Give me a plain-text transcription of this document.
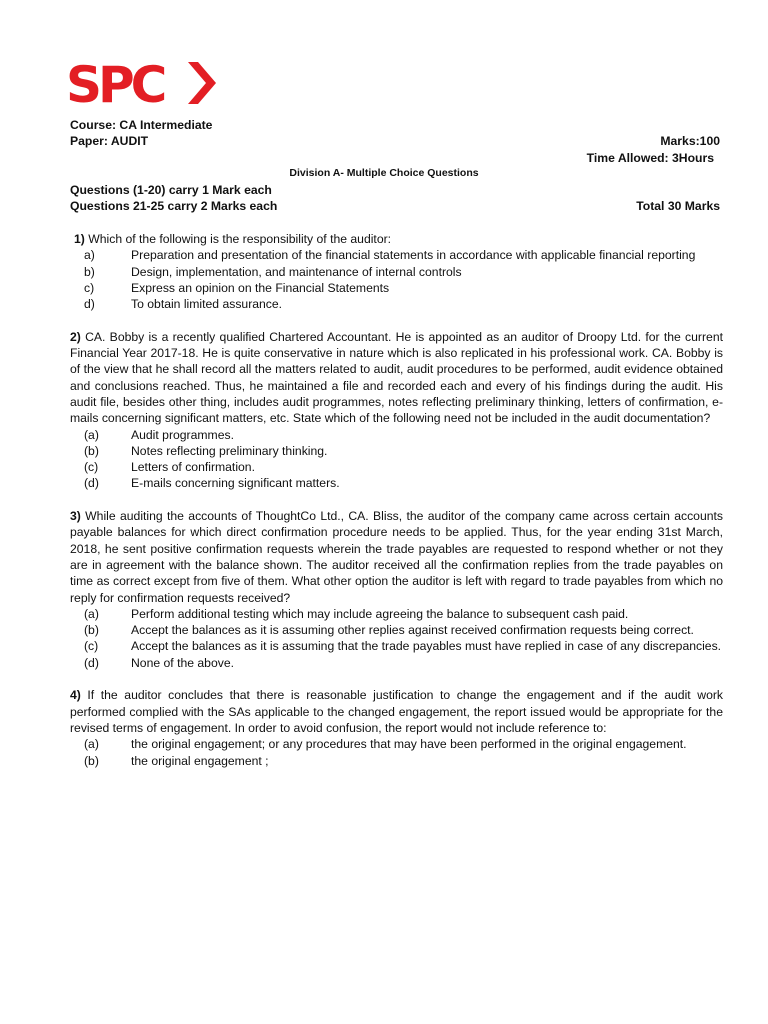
SPC
Course: CA Intermediate
Paper: AUDIT	Marks:100
Time Allowed: 3Hours
Division A- Multiple Choice Questions
Questions (1-20) carry 1 Mark each
Questions 21-25 carry 2 Marks each	Total 30 Marks
1) Which of the following is the responsibility of the auditor:
a)	Preparation and presentation of the financial statements in accordance with applicable financial reporting
b)	Design, implementation, and maintenance of internal controls
c)	Express an opinion on the Financial Statements
d)	To obtain limited assurance.
2) CA. Bobby is a recently qualified Chartered Accountant. He is appointed as an auditor of Droopy Ltd. for the current Financial Year 2017-18. He is quite conservative in nature which is also replicated in his professional work. CA. Bobby is of the view that he shall record all the matters related to audit, audit procedures to be performed, audit evidence obtained and conclusions reached. Thus, he maintained a file and recorded each and every of his findings during the audit. His audit file, besides other thing, includes audit programmes, notes reflecting preliminary thinking, letters of confirmation, e-mails concerning significant matters, etc. State which of the following need not be included in the audit documentation?
(a)	Audit programmes.
(b)	Notes reflecting preliminary thinking.
(c)	Letters of confirmation.
(d)	E-mails concerning significant matters.
3) While auditing the accounts of ThoughtCo Ltd., CA. Bliss, the auditor of the company came across certain accounts payable balances for which direct confirmation procedure needs to be applied. Thus, for the year ending 31st March, 2018, he sent positive confirmation requests wherein the trade payables are requested to respond whether or not they are in agreement with the balance shown. The auditor received all the confirmation replies from the trade payables on time as correct except from five of them. What other option the auditor is left with regard to trade payables from which no reply for confirmation requests received?
(a)	Perform additional testing which may include agreeing the balance to subsequent cash paid.
(b)	Accept the balances as it is assuming other replies against received confirmation requests being correct.
(c)	Accept the balances as it is assuming that the trade payables must have replied in case of any discrepancies.
(d)	None of the above.
4) If the auditor concludes that there is reasonable justification to change the engagement and if the audit work performed complied with the SAs applicable to the changed engagement, the report issued would be appropriate for the revised terms of engagement. In order to avoid confusion, the report would not include reference to:
(a)	the original engagement; or any procedures that may have been performed in the original engagement.
(b)	the original engagement ;
